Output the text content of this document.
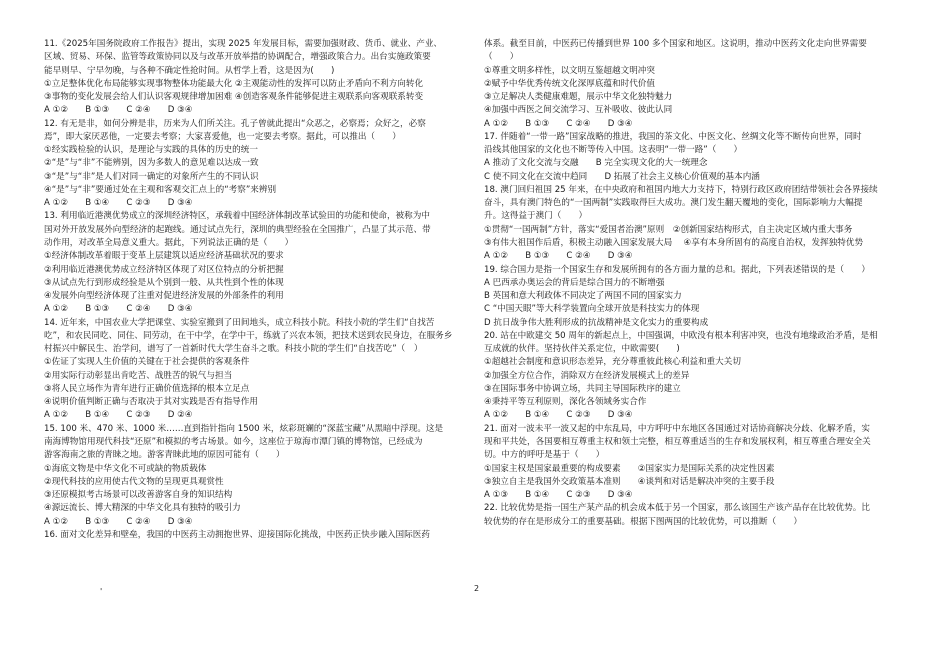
11.《2025年国务院政府工作报告》提出，实现 2025 年发展目标，需要加强财政、货币、就业、产业、
区域、贸易、环保、监管等政策协同以及与改革开放举措的协调配合，增强政策合力。出台实施政策要
能早则早、宁早勿晚，与各种不确定性抢时间。从哲学上看，这是因为(　　)
①立足整体优化布局能够实现事物整体功能最大化 ②主观能动性的发挥可以防止矛盾向不利方向转化
③事物的变化发展会给人们认识客观规律增加困难 ④创造客观条件能够促进主观联系向客观联系转变
A ①②　　B ①③　　C ②④　　D ③④
12. 有无是非，如何分辨是非，历来为人们所关注。孔子曾就此提出“众恶之，必察焉；众好之，必察
焉”，即大家厌恶他，一定要去考察；大家喜爱他，也一定要去考察。据此，可以推出（　　）
①经实践检验的认识，是理论与实践的具体的历史的统一
②“是”与“非”不能辨别，因为多数人的意见难以达成一致
③“是”与“非”是人们对同一确定的对象所产生的不同认识
④“是”与“非”要通过处在主观和客观交汇点上的“考察”来辨别
A ①②　　B ①④　　C ②③　　D ③④
13. 利用临近港澳优势成立的深圳经济特区，承载着中国经济体制改革试验田的功能和使命，被称为中
国对外开放发展外向型经济的起跑线。通过试点先行，深圳的典型经验在全国推广，凸显了其示范、带
动作用，对改革全局意义重大。据此，下列说法正确的是（　　）
①经济体制改革着眼于变革上层建筑以适应经济基础状况的要求
②利用临近港澳优势成立经济特区体现了对区位特点的分析把握
③从试点先行到形成经验是从个别到一般、从共性到个性的体现
④发展外向型经济体现了注重对促进经济发展的外部条件的利用
A ①②　　B ①③　　C ②④　　D ③④
14. 近年来，中国农业大学把课堂、实验室搬到了田间地头，成立科技小院。科技小院的学生们“自找苦
吃”，和农民同吃、同住、同劳动，在干中学，在学中干，练就了兴农本领，把技术送到农民身边，在服务乡
村振兴中解民生、治学问，谱写了一首新时代大学生奋斗之歌。科技小院的学生们“自找苦吃”（　）
①佐证了实现人生价值的关键在于社会提供的客观条件
②用实际行动彰显出肯吃苦、战胜苦的锐气与担当
③将人民立场作为青年进行正确价值选择的根本立足点
④说明价值判断正确与否取决于其对实践是否有指导作用
A ①②　　B ①④　　C ②③　　D ②④
15. 100 米、470 米、1000 米……直到指针指向 1500 米，炫彩斑斓的“深蓝宝藏”从黑暗中浮现。这是
南海博物馆用现代科技“还原”和模拟的考古场景。如今，这座位于琼海市潭门镇的博物馆，已经成为
游客海南之旅的青睐之地。游客青睐此地的原因可能有（　　）
①海底文物是中华文化不可或缺的物质载体
②现代科技的应用使古代文物的呈现更具观赏性
③还原模拟考古场景可以改善游客自身的知识结构
④源远流长、博大精深的中华文化具有独特的吸引力
A ①②　　B ①③　　C ②④　　D ③④
16. 面对文化差异和壁垒，我国的中医药主动拥抱世界、迎接国际化挑战，中医药正快步融入国际医药
体系。截至目前，中医药已传播到世界 100 多个国家和地区。这说明，推动中医药文化走向世界需要
（　　）
①尊重文明多样性，以文明互鉴超越文明冲突
②赋予中华优秀传统文化深厚底蕴和时代价值
③立足解决人类健康难题，展示中华文化独特魅力
④加强中西医之间交流学习、互补吸收、彼此认同
A ①②　　B ①③　　C ②④　　D ③④
17. 伴随着“一带一路”国家战略的推进，我国的茶文化、中医文化、丝绸文化等不断传向世界，同时
沿线其他国家的文化也不断等传入中国。这表明“一带一路”（　　）
A 推动了文化交流与交融　　B 完全实现文化的大一统理念
C 使不同文化在交流中趋同　　D 拓展了社会主义核心价值观的基本内涵
18. 澳门回归祖国 25 年来，在中央政府和祖国内地大力支持下，特别行政区政府团结带领社会各界接续
奋斗，具有澳门特色的“一国两制”实践取得巨大成功。澳门发生翻天覆地的变化，国际影响力大幅提
升。这得益于澳门（　　）
①贯彻“一国两制”方针，落实“爱国者治澳”原则　②创新国家结构形式，自主决定区域内重大事务
③有伟大祖国作后盾，积极主动融入国家发展大局　 ④享有本身所固有的高度自治权，发挥独特优势
A ①②　　B ①③　　C ②④　　D ③④
19. 综合国力是指一个国家生存和发展所拥有的各方面力量的总和。据此，下列表述错误的是（　　）
A 巴西承办奥运会的背后是综合国力的不断增强
B 英国和意大利政体不同决定了两国不同的国家实力
C “中国天眼”等大科学装置向全球开放是科技实力的体现
D 抗日战争伟大胜利形成的抗战精神是文化实力的重要构成
20. 站在中欧建交 50 周年的新起点上，中国强调，中欧没有根本利害冲突，也没有地缘政治矛盾，是相
互成就的伙伴。坚持伙伴关系定位，中欧需要(　　)
①超越社会制度和意识形态差异，充分尊重彼此核心利益和重大关切
②加强全方位合作，消除双方在经济发展模式上的差异
③在国际事务中协调立场，共同主导国际秩序的建立
④秉持平等互利原则，深化各领域务实合作
A ①②　　B ①④　　C ②③　　D ③④
21. 面对一波未平一波又起的中东乱局，中方呼吁中东地区各国通过对话协商解决分歧、化解矛盾，实
现和平共处，各国要相互尊重主权和领土完整，相互尊重适当的生存和发展权利，相互尊重合理安全关
切。中方的呼吁是基于（　　）
①国家主权是国家最重要的构成要素　　②国家实力是国际关系的决定性因素
③独立自主是我国外交政策基本准则　　④谈判和对话是解决冲突的主要手段
A ①③　　B ①④　　C ②③　　D ③④
22. 比较优势是指一国生产某产品的机会成本低于另一个国家，那么该国生产该产品存在比较优势。比
较优势的存在是形成分工的重要基础。根据下图两国的比较优势，可以推断（　　）
'	2
